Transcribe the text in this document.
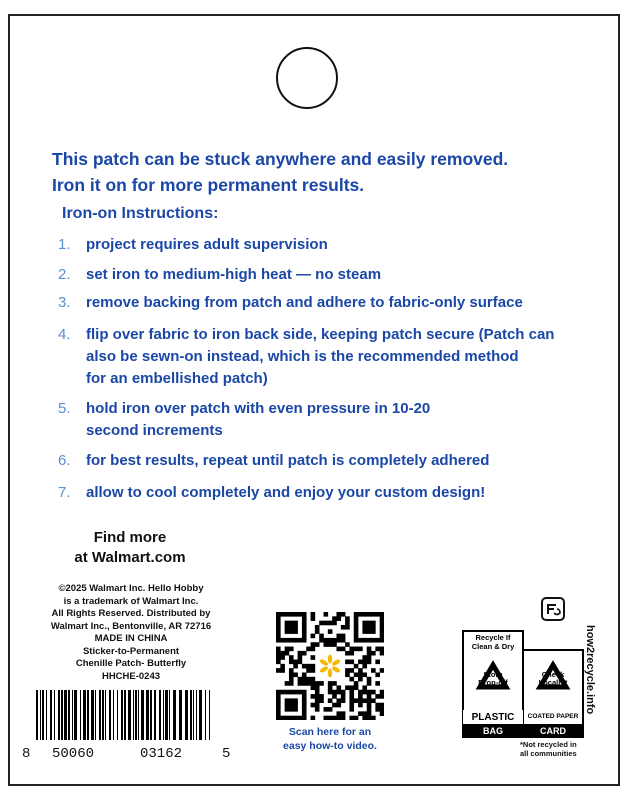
This patch can be stuck anywhere and easily removed.
Iron it on for more permanent results.
Iron-on Instructions:
1.	project requires adult supervision
2.	set iron to medium-high heat — no steam
3.	remove backing from patch and adhere to fabric-only surface
4.	flip over fabric to iron back side, keeping patch secure (Patch can
also be sewn-on instead, which is the recommended method
for an embellished patch)
5.	hold iron over patch with even pressure in 10-20
second increments
6.	for best results, repeat until patch is completely adhered
7.	allow to cool completely and enjoy your custom design!
Find more
at Walmart.com
©2025 Walmart Inc. Hello Hobby
is a trademark of Walmart Inc.
All Rights Reserved. Distributed by
Walmart Inc., Bentonville, AR 72716
MADE IN CHINA
Sticker-to-Permanent
Chenille Patch- Butterfly
HHCHE-0243
8 50060	03162	5
Scan here for an
easy how-to video.
Recycle If
Clean & Dry
Store
Drop-off
Check
Locally*
PLASTIC	COATED PAPER
BAG	CARD
how2recycle.info
*Not recycled in
all communities
